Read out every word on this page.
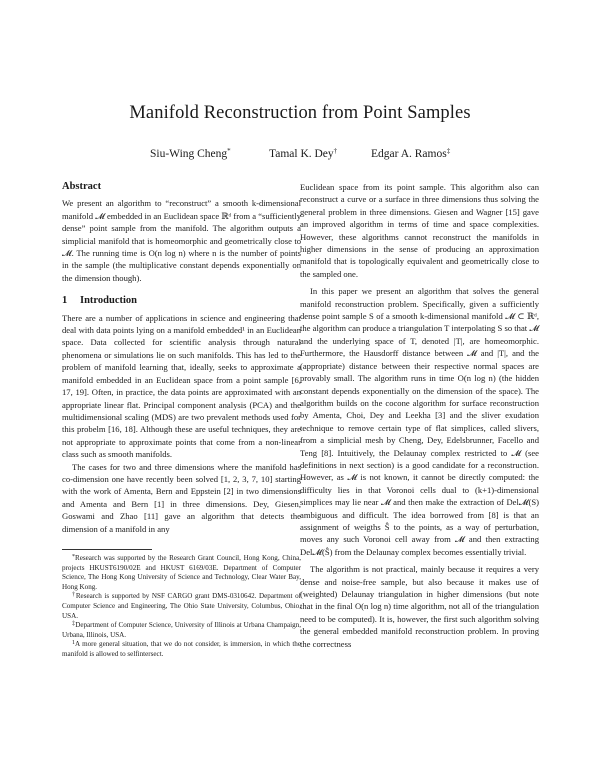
Manifold Reconstruction from Point Samples
Siu-Wing Cheng*	Tamal K. Dey†	Edgar A. Ramos‡
Abstract

We present an algorithm to “reconstruct” a smooth k-dimensional manifold 𝓜 embedded in an Euclidean space ℝᵈ from a “sufficiently dense” point sample from the manifold. The algorithm outputs a simplicial manifold that is homeomorphic and geometrically close to 𝓜. The running time is O(n log n) where n is the number of points in the sample (the multiplicative constant depends exponentially on the dimension though).

1 Introduction

There are a number of applications in science and engineering that deal with data points lying on a manifold embedded¹ in an Euclidean space. Data collected for scientific analysis through natural phenomena or simulations lie on such manifolds. This has led to the problem of manifold learning that, ideally, seeks to approximate a manifold embedded in an Euclidean space from a point sample [6, 17, 19]. Often, in practice, the data points are approximated with an appropriate linear flat. Principal component analysis (PCA) and the multidimensional scaling (MDS) are two prevalent methods used for this probelm [16, 18]. Although these are useful techniques, they are not appropriate to approximate points that come from a non-linear class such as smooth manifolds.

The cases for two and three dimensions where the manifold has co-dimension one have recently been solved [1, 2, 3, 7, 10] starting with the work of Amenta, Bern and Eppstein [2] in two dimensions and Amenta and Bern [1] in three dimensions. Dey, Giesen, Goswami and Zhao [11] gave an algorithm that detects the dimension of a manifold in any

*Research was supported by the Research Grant Council, Hong Kong, China, projects HKUST6190/02E and HKUST 6169/03E. Department of Computer Science, The Hong Kong University of Science and Technology, Clear Water Bay, Hong Kong.

†Research is supported by NSF CARGO grant DMS-0310642. Department of Computer Science and Engineering, The Ohio State University, Columbus, Ohio, USA.

‡Department of Computer Science, University of Illinois at Urbana Champaign, Urbana, Illinois, USA.

$^1$A more general situation, that we do not consider, is immersion, in which the manifold is allowed to selfintersect.

Euclidean space from its point sample. This algorithm also can reconstruct a curve or a surface in three dimensions thus solving the general problem in three dimensions. Giesen and Wagner [15] gave an improved algorithm in terms of time and space complexities. However, these algorithms cannot reconstruct the manifolds in higher dimensions in the sense of producing an approximation manifold that is topologically equivalent and geometrically close to the sampled one.

In this paper we present an algorithm that solves the general manifold reconstruction problem. Specifically, given a sufficiently dense point sample S of a smooth k-dimensional manifold 𝓜 ⊂ ℝᵈ, the algorithm can produce a triangulation T interpolating S so that 𝓜 and the underlying space of T, denoted |T|, are homeomorphic. Furthermore, the Hausdorff distance between 𝓜 and |T|, and the (appropriate) distance between their respective normal spaces are provably small. The algorithm runs in time O(n log n) (the hidden constant depends exponentially on the dimension of the space). The algorithm builds on the cocone algorithm for surface reconstruction by Amenta, Choi, Dey and Leekha [3] and the sliver exudation technique to remove certain type of flat simplices, called slivers, from a simplicial mesh by Cheng, Dey, Edelsbrunner, Facello and Teng [8]. Intuitively, the Delaunay complex restricted to 𝓜 (see definitions in next section) is a good candidate for a reconstruction. However, as 𝓜 is not known, it cannot be directly computed: the difficulty lies in that Voronoi cells dual to (k+1)-dimensional simplices may lie near 𝓜 and then make the extraction of Del𝓜(S) ambiguous and difficult. The idea borrowed from [8] is that an assignment of weigths Ŝ to the points, as a way of perturbation, moves any such Voronoi cell away from 𝓜 and then extracting Del𝓜(Ŝ) from the Delaunay complex becomes essentially trivial.

The algorithm is not practical, mainly because it requires a very dense and noise-free sample, but also because it makes use of (weighted) Delaunay triangulation in higher dimensions (but note that in the final O(n log n) time algorithm, not all of the triangulation need to be computed). It is, however, the first such algorithm solving the general embedded manifold reconstruction problem. In proving the correctness
